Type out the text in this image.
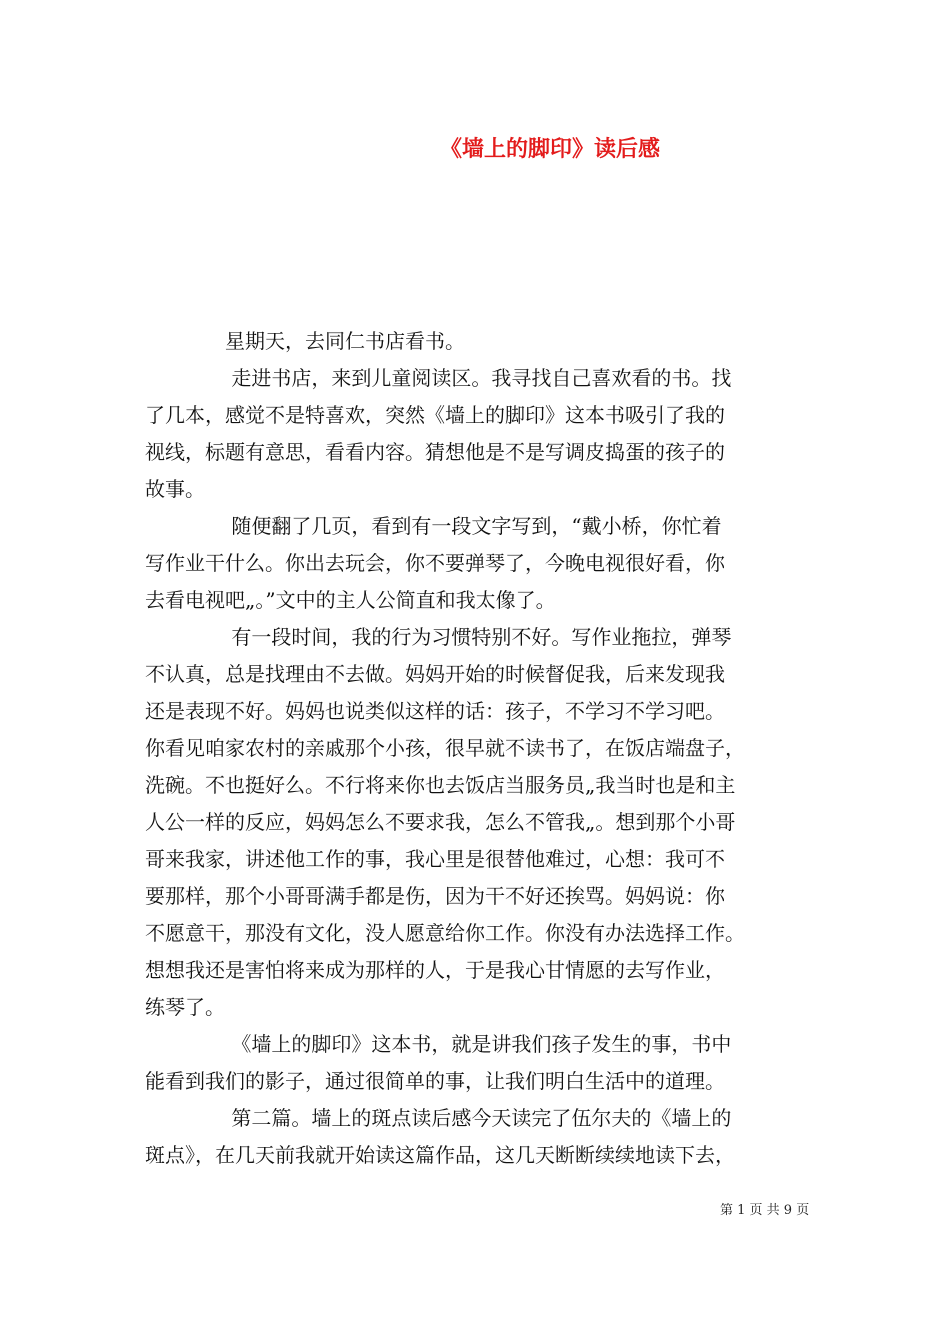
《墙上的脚印》读后感
　　　　星期天，去同仁书店看书。
　　　　 走进书店，来到儿童阅读区。我寻找自己喜欢看的书。找
了几本，感觉不是特喜欢，突然《墙上的脚印》这本书吸引了我的
视线，标题有意思，看看内容。猜想他是不是写调皮捣蛋的孩子的
故事。
　　　　 随便翻了几页，看到有一段文字写到，“戴小桥，你忙着
写作业干什么。你出去玩会，你不要弹琴了，今晚电视很好看，你
去看电视吧„。”文中的主人公简直和我太像了。
　　　　 有一段时间，我的行为习惯特别不好。写作业拖拉，弹琴
不认真，总是找理由不去做。妈妈开始的时候督促我，后来发现我
还是表现不好。妈妈也说类似这样的话：孩子，不学习不学习吧。
你看见咱家农村的亲戚那个小孩，很早就不读书了，在饭店端盘子，
洗碗。不也挺好么。不行将来你也去饭店当服务员„我当时也是和主
人公一样的反应，妈妈怎么不要求我，怎么不管我„。想到那个小哥
哥来我家，讲述他工作的事，我心里是很替他难过，心想：我可不
要那样，那个小哥哥满手都是伤，因为干不好还挨骂。妈妈说：你
不愿意干，那没有文化，没人愿意给你工作。你没有办法选择工作。
想想我还是害怕将来成为那样的人，于是我心甘情愿的去写作业，
练琴了。
　　　　 《墙上的脚印》这本书，就是讲我们孩子发生的事，书中
能看到我们的影子，通过很简单的事，让我们明白生活中的道理。
　　　　 第二篇。墙上的斑点读后感今天读完了伍尔夫的《墙上的
斑点》，在几天前我就开始读这篇作品，这几天断断续续地读下去，
第 1 页 共 9 页
